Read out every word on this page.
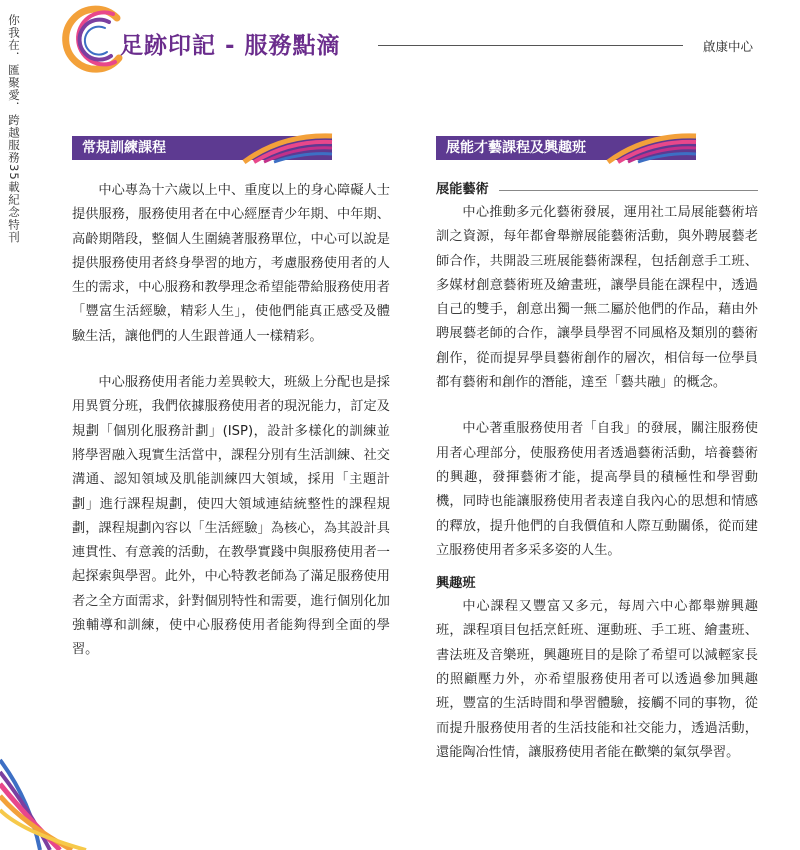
你我在．匯聚愛．跨越服務35載紀念特刊	足跡印記 - 服務點滴	啟康中心
常規訓練課程	展能才藝課程及興趣班

中心專為十六歲以上中、重度以上的身心障礙人士提供服務，服務使用者在中心經歷青少年期、中年期、高齡期階段，整個人生圍繞著服務單位，中心可以說是提供服務使用者終身學習的地方，考慮服務使用者的人生的需求，中心服務和教學理念希望能帶給服務使用者「豐富生活經驗，精彩人生」，使他們能真正感受及體驗生活，讓他們的人生跟普通人一樣精彩。

中心服務使用者能力差異較大，班級上分配也是採用異質分班，我們依據服務使用者的現況能力，訂定及規劃「個別化服務計劃」(ISP)，設計多樣化的訓練並將學習融入現實生活當中，課程分別有生活訓練、社交溝通、認知領域及肌能訓練四大領域，採用「主題計劃」進行課程規劃，使四大領域連結統整性的課程規劃，課程規劃內容以「生活經驗」為核心，為其設計具連貫性、有意義的活動，在教學實踐中與服務使用者一起探索與學習。此外，中心特教老師為了滿足服務使用者之全方面需求，針對個別特性和需要，進行個別化加強輔導和訓練，使中心服務使用者能夠得到全面的學習。

展能藝術

中心推動多元化藝術發展，運用社工局展能藝術培訓之資源，每年都會舉辦展能藝術活動，與外聘展藝老師合作，共開設三班展能藝術課程，包括創意手工班、多媒材創意藝術班及繪畫班，讓學員能在課程中，透過自己的雙手，創意出獨一無二屬於他們的作品，藉由外聘展藝老師的合作，讓學員學習不同風格及類別的藝術創作，從而提昇學員藝術創作的層次，相信每一位學員都有藝術和創作的潛能，達至「藝共融」的概念。

中心著重服務使用者「自我」的發展，關注服務使用者心理部分，使服務使用者透過藝術活動，培養藝術的興趣，發揮藝術才能，提高學員的積極性和學習動機，同時也能讓服務使用者表達自我內心的思想和情感的釋放，提升他們的自我價值和人際互動關係，從而建立服務使用者多采多姿的人生。

興趣班

中心課程又豐富又多元，每周六中心都舉辦興趣班，課程項目包括烹飪班、運動班、手工班、繪畫班、書法班及音樂班，興趣班目的是除了希望可以減輕家長的照顧壓力外，亦希望服務使用者可以透過參加興趣班，豐富的生活時間和學習體驗，接觸不同的事物，從而提升服務使用者的生活技能和社交能力，透過活動，還能陶冶性情，讓服務使用者能在歡樂的氣氛學習。
